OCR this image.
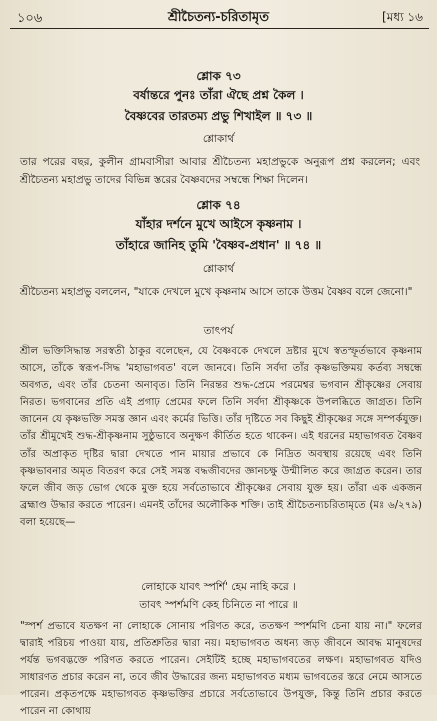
১০৬	শ্রীচৈতন্য-চরিতামৃত	[মধ্য ১৬
শ্লোক ৭৩
বর্ষান্তরে পুনঃ তাঁরা ঐছে প্রশ্ন কৈল ।
বৈষ্ণবের তারতম্য প্রভু শিখাইল ॥ ৭৩ ॥
শ্লোকার্থ
তার পরের বছর, কুলীন গ্রামবাসীরা আবার শ্রীচৈতন্য মহাপ্রভুকে অনুরূপ প্রশ্ন করলেন; এবং শ্রীচৈতন্য মহাপ্রভু তাদের বিভিন্ন স্তরের বৈষ্ণবদের সম্বন্ধে শিক্ষা দিলেন।
শ্লোক ৭৪
যাঁহার দর্শনে মুখে আইসে কৃষ্ণনাম ।
তাঁহারে জানিহ তুমি 'বৈষ্ণব-প্রধান' ॥ ৭৪ ॥
শ্লোকার্থ
শ্রীচৈতন্য মহাপ্রভু বললেন, "যাকে দেখলে মুখে কৃষ্ণনাম আসে তাকে উত্তম বৈষ্ণব বলে জেনো।"
তাৎপর্য
শ্রীল ভক্তিসিদ্ধান্ত সরস্বতী ঠাকুর বলেছেন, যে বৈষ্ণবকে দেখলে দ্রষ্টার মুখে স্বতস্ফূর্তভাবে কৃষ্ণনাম আসে, তাঁকে স্বরূপ-সিদ্ধ 'মহাভাগবত' বলে জানবে। তিনি সর্বদা তাঁর কৃষ্ণভক্তিময় কর্তব্য সম্বন্ধে অবগত, এবং তাঁর চেতনা অনাবৃত। তিনি নিরন্তর শুদ্ধ-প্রেমে পরমেশ্বর ভগবান শ্রীকৃষ্ণের সেবায় নিরত। ভগবানের প্রতি এই প্রগাঢ় প্রেমের ফলে তিনি সর্বদা শ্রীকৃষ্ণকে উপলব্ধিতে জাগ্রত। তিনি জানেন যে কৃষ্ণভক্তি সমস্ত জ্ঞান এবং কর্মের ভিত্তি। তাঁর দৃষ্টিতে সব কিছুই শ্রীকৃষ্ণের সঙ্গে সম্পর্কযুক্ত। তাঁর শ্রীমুখেই শুদ্ধ-শ্রীকৃষ্ণনাম সুষ্ঠুভাবে অনুক্ষণ কীর্তিত হতে থাকেন। এই ধরনের মহাভাগবত বৈষ্ণব তাঁর অপ্রাকৃত দৃষ্টির দ্বারা দেখতে পান মায়ার প্রভাবে কে নিদ্রিত অবস্থায় রয়েছে এবং তিনি কৃষ্ণভাবনার অমৃত বিতরণ করে সেই সমস্ত বদ্ধজীবদের জ্ঞানচক্ষু উন্মীলিত করে জাগ্রত করেন। তার ফলে জীব জড় ভোগ থেকে মুক্ত হয়ে সর্বতোভাবে শ্রীকৃষ্ণের সেবায় যুক্ত হয়। তাঁরা এক একজন ব্রহ্মাণ্ড উদ্ধার করতে পারেন। এমনই তাঁদের অলৌকিক শক্তি। তাই শ্রীচৈতন্যচরিতামৃতে (মঃ ৬/২৭৯) বলা হয়েছে—
লোহাকে যাবৎ স্পর্শি' হেম নাহি করে ।
তাবৎ স্পর্শমণি কেহ চিনিতে না পারে ॥
"স্পর্শ প্রভাবে যতক্ষণ না লোহাকে সোনায় পরিণত করে, ততক্ষণ স্পর্শমণি চেনা যায় না।" ফলের দ্বারাই পরিচয় পাওয়া যায়, প্রতিশ্রুতির দ্বারা নয়। মহাভাগবত অধন্য জড় জীবনে আবদ্ধ মানুষদের পর্যন্ত ভগবদ্ভক্তে পরিণত করতে পারেন। সেইটিই হচ্ছে মহাভাগবতের লক্ষণ। মহাভাগবত যদিও সাধারণত প্রচার করেন না, তবে জীব উদ্ধারের জন্য মহাভাগবত মধ্যম ভাগবতের স্তরে নেমে আসতে পারেন। প্রকৃতপক্ষে মহাভাগবত কৃষ্ণভক্তির প্রচারে সর্বতোভাবে উপযুক্ত, কিন্তু তিনি প্রচার করতে পারেন না কোথায়
